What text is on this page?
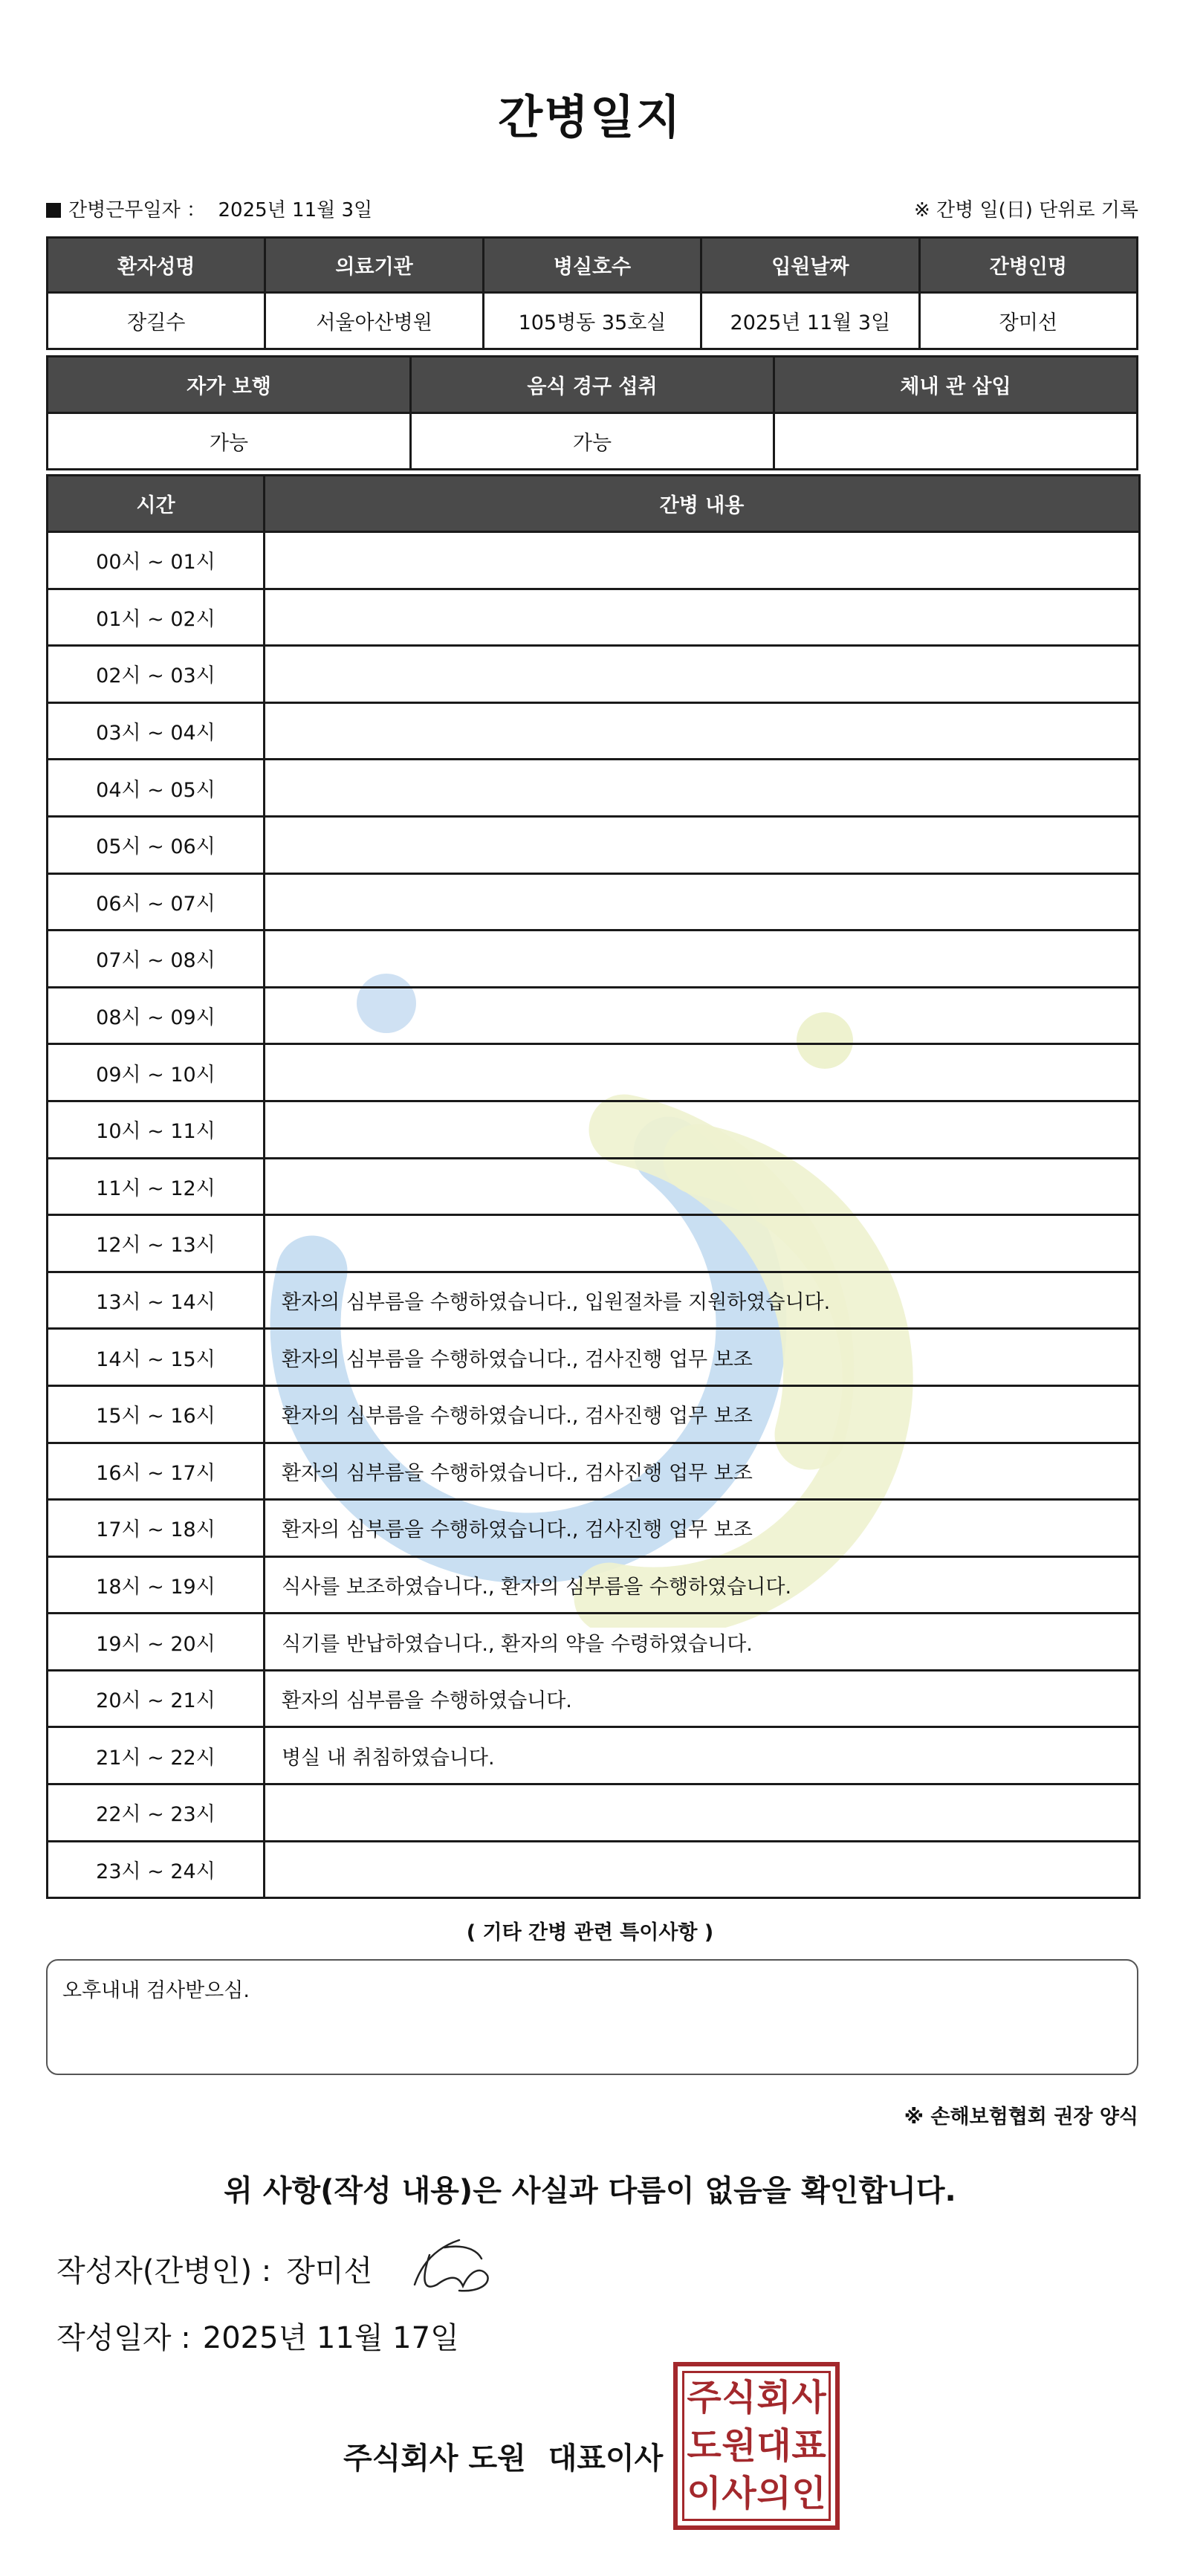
간병일지
간병근무일자 ： 2025년 11월 3일	※ 간병 일(日) 단위로 기록
환자성명	의료기관	병실호수	입원날짜	간병인명
장길수	서울아산병원	105병동 35호실	2025년 11월 3일	장미선
자가 보행	음식 경구 섭취	체내 관 삽입
가능	가능	
시간	간병 내용
00시 ~ 01시	
01시 ~ 02시	
02시 ~ 03시	
03시 ~ 04시	
04시 ~ 05시	
05시 ~ 06시	
06시 ~ 07시	
07시 ~ 08시	
08시 ~ 09시	
09시 ~ 10시	
10시 ~ 11시	
11시 ~ 12시	
12시 ~ 13시	
13시 ~ 14시	환자의 심부름을 수행하였습니다., 입원절차를 지원하였습니다.
14시 ~ 15시	환자의 심부름을 수행하였습니다., 검사진행 업무 보조
15시 ~ 16시	환자의 심부름을 수행하였습니다., 검사진행 업무 보조
16시 ~ 17시	환자의 심부름을 수행하였습니다., 검사진행 업무 보조
17시 ~ 18시	환자의 심부름을 수행하였습니다., 검사진행 업무 보조
18시 ~ 19시	식사를 보조하였습니다., 환자의 심부름을 수행하였습니다.
19시 ~ 20시	식기를 반납하였습니다., 환자의 약을 수령하였습니다.
20시 ~ 21시	환자의 심부름을 수행하였습니다.
21시 ~ 22시	병실 내 취침하였습니다.
22시 ~ 23시	
23시 ~ 24시	
( 기타 간병 관련 특이사항 )
오후내내 검사받으심.
※ 손해보험협회 권장 양식
위 사항(작성 내용)은 사실과 다름이 없음을 확인합니다.
작성자(간병인) : 장미선
작성일자 : 2025년 11월 17일
주식회사 도원 대표이사
주 식 회 사
도 원 대 표
이 사 의 인
